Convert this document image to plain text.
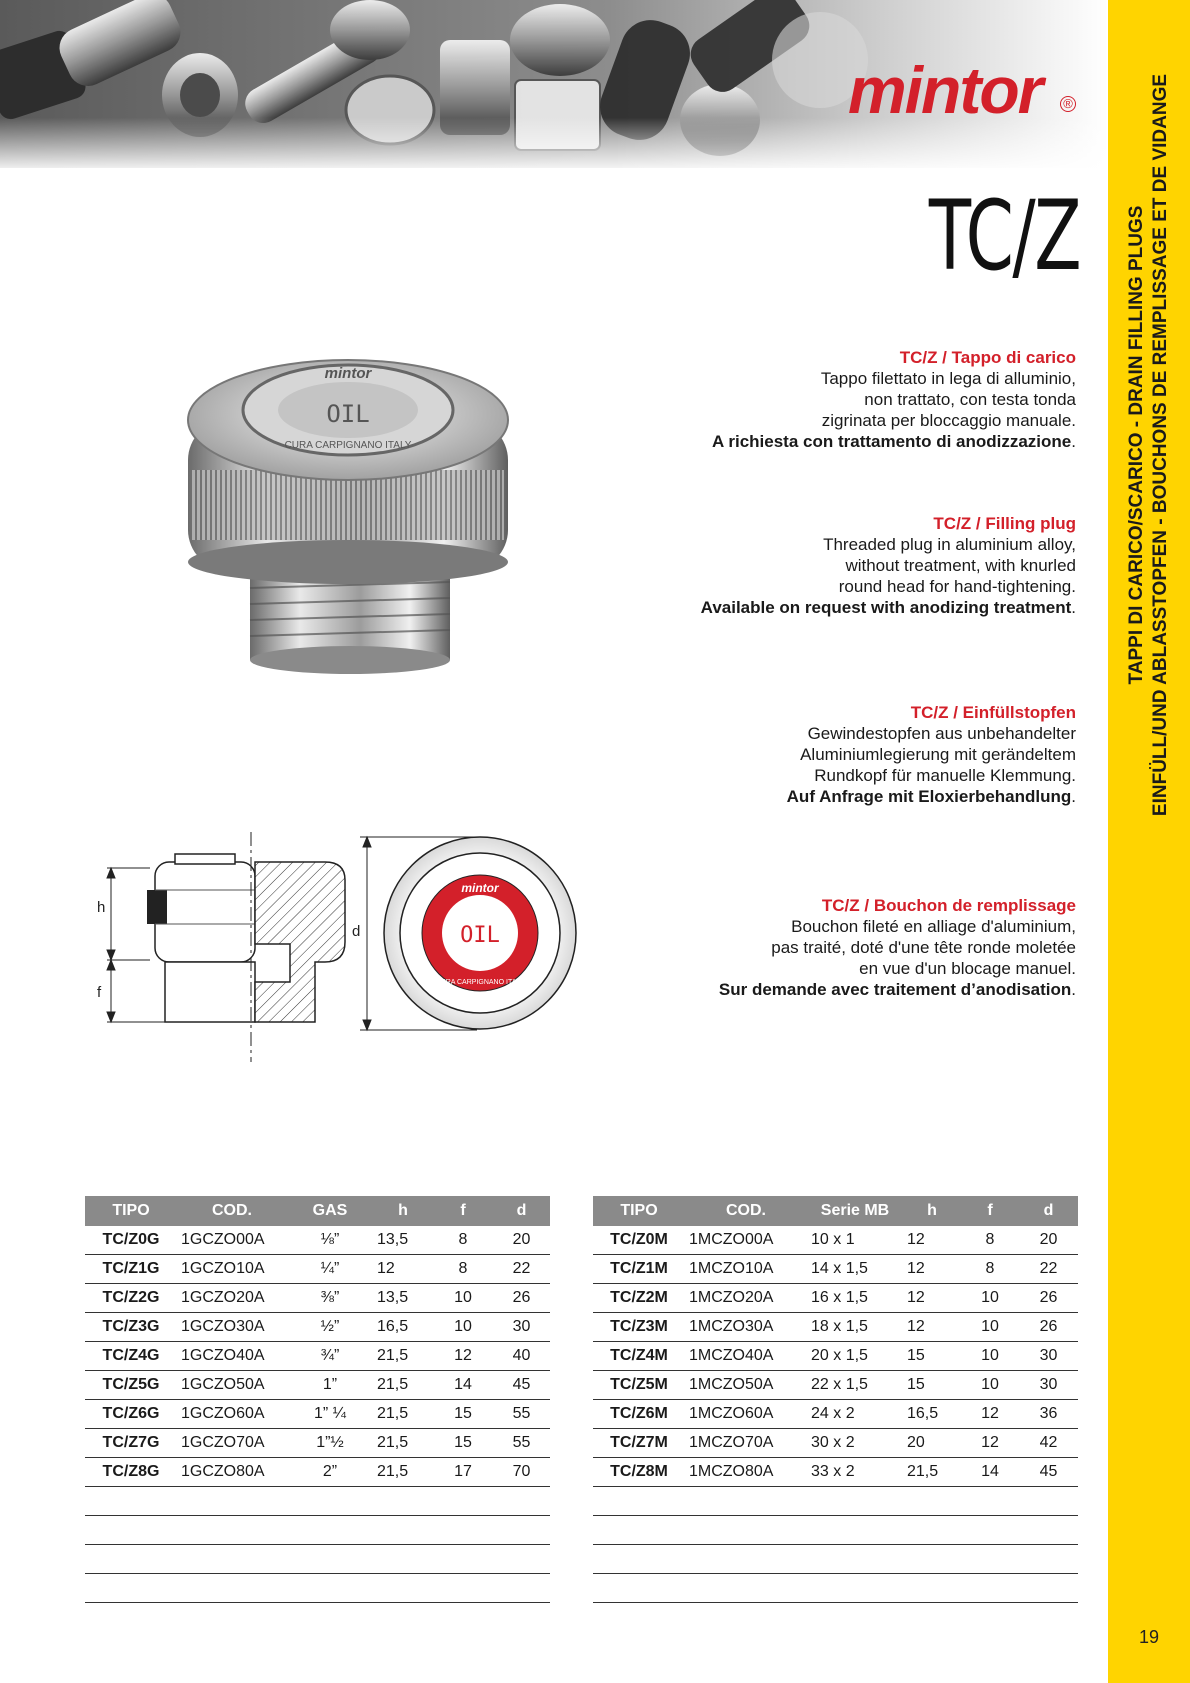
mintor ®
TC/Z
mintor
OIL
CURA CARPIGNANO ITALY
h
f
d
mintor
OIL
CURA CARPIGNANO ITALY
TC/Z / Tappo di carico
Tappo filettato in lega di alluminio,
non trattato, con testa tonda
zigrinata per bloccaggio manuale.
A richiesta con trattamento di anodizzazione.
TC/Z / Filling plug
Threaded plug in aluminium alloy,
without treatment, with knurled
round head for hand-tightening.
Available on request with anodizing treatment.
TC/Z / Einfüllstopfen
Gewindestopfen aus unbehandelter
Aluminiumlegierung mit gerändeltem
Rundkopf für manuelle Klemmung.
Auf Anfrage mit Eloxierbehandlung.
TC/Z / Bouchon de remplissage
Bouchon fileté en alliage d'aluminium,
pas traité, doté d'une tête ronde moletée
en vue d'un blocage manuel.
Sur demande avec traitement d’anodisation.
TIPO	COD.	GAS	h	f	d
TC/Z0G	1GCZO00A	⅛”	13,5	8	20
TC/Z1G	1GCZO10A	¼”	12	8	22
TC/Z2G	1GCZO20A	⅜”	13,5	10	26
TC/Z3G	1GCZO30A	½”	16,5	10	30
TC/Z4G	1GCZO40A	¾”	21,5	12	40
TC/Z5G	1GCZO50A	1”	21,5	14	45
TC/Z6G	1GCZO60A	1” ¼	21,5	15	55
TC/Z7G	1GCZO70A	1”½	21,5	15	55
TC/Z8G	1GCZO80A	2”	21,5	17	70

TIPO	COD.	Serie MB	h	f	d
TC/Z0M	1MCZO00A	10 x 1	12	8	20
TC/Z1M	1MCZO10A	14 x 1,5	12	8	22
TC/Z2M	1MCZO20A	16 x 1,5	12	10	26
TC/Z3M	1MCZO30A	18 x 1,5	12	10	26
TC/Z4M	1MCZO40A	20 x 1,5	15	10	30
TC/Z5M	1MCZO50A	22 x 1,5	15	10	30
TC/Z6M	1MCZO60A	24 x 2	16,5	12	36
TC/Z7M	1MCZO70A	30 x 2	20	12	42
TC/Z8M	1MCZO80A	33 x 2	21,5	14	45

TAPPI DI CARICO/SCARICO - DRAIN FILLING PLUGS EINFÜLL/UND ABLASSTOPFEN - BOUCHONS DE REMPLISSAGE ET DE VIDANGE
19
